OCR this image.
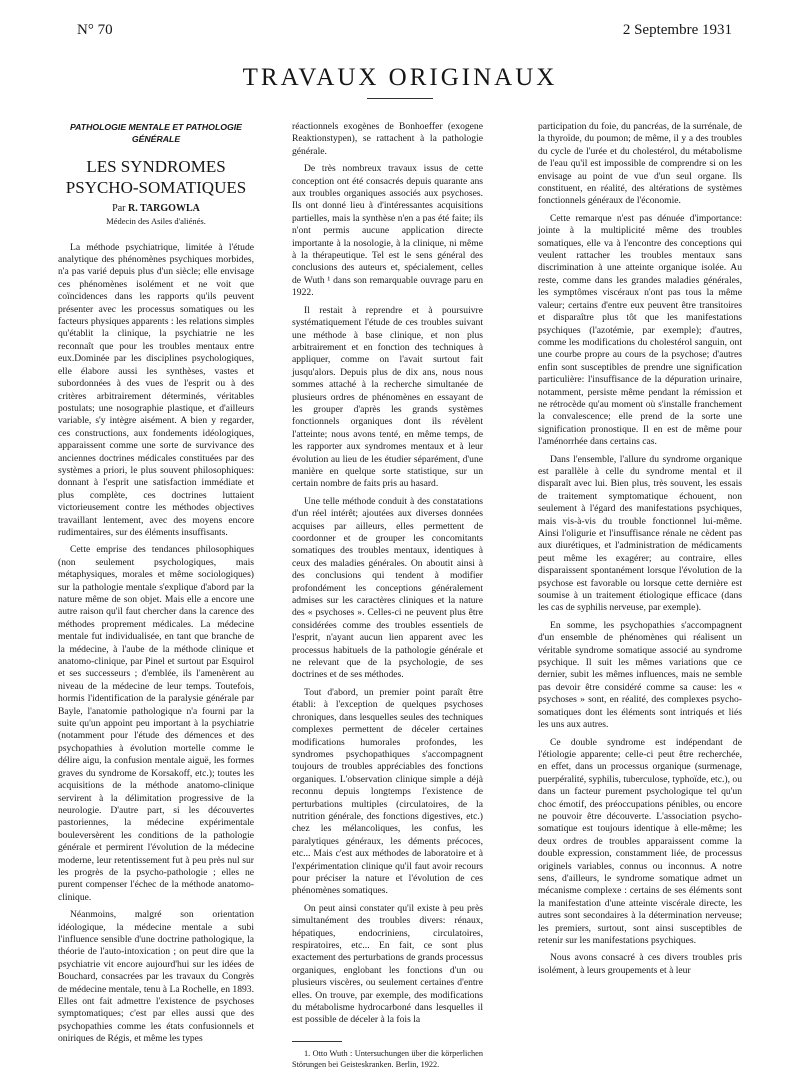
N° 70	2 Septembre 1931
TRAVAUX ORIGINAUX
PATHOLOGIE MENTALE ET PATHOLOGIE GÉNÉRALE
LES SYNDROMES
PSYCHO-SOMATIQUES
Par R. TARGOWLA
Médecin des Asiles d'aliénés.

La méthode psychiatrique, limitée à l'étude analytique des phénomènes psychiques morbides, n'a pas varié depuis plus d'un siècle; elle envisage ces phénomènes isolément et ne voit que coïncidences dans les rapports qu'ils peuvent présenter avec les processus somatiques ou les facteurs physiques apparents : les relations simples qu'établit la clinique, la psychiatrie ne les reconnaît que pour les troubles mentaux entre eux.Dominée par les disciplines psychologiques, elle élabore aussi les synthèses, vastes et subordonnées à des vues de l'esprit ou à des critères arbitrairement déterminés, véritables postulats; une nosographie plastique, et d'ailleurs variable, s'y intègre aisément. A bien y regarder, ces constructions, aux fondements idéologiques, apparaissent comme une sorte de survivance des anciennes doctrines médicales constituées par des systèmes a priori, le plus souvent philosophiques: donnant à l'esprit une satisfaction immédiate et plus complète, ces doctrines luttaient victorieusement contre les méthodes objectives travaillant lentement, avec des moyens encore rudimentaires, sur des éléments insuffisants.

Cette emprise des tendances philosophiques (non seulement psychologiques, mais métaphysiques, morales et même sociologiques) sur la pathologie mentale s'explique d'abord par la nature même de son objet. Mais elle a encore une autre raison qu'il faut chercher dans la carence des méthodes proprement médicales. La médecine mentale fut individualisée, en tant que branche de la médecine, à l'aube de la méthode clinique et anatomo-clinique, par Pinel et surtout par Esquirol et ses successeurs ; d'emblée, ils l'amenèrent au niveau de la médecine de leur temps. Toutefois, hormis l'identification de la paralysie générale par Bayle, l'anatomie pathologique n'a fourni par la suite qu'un appoint peu important à la psychiatrie (notamment pour l'étude des démences et des psychopathies à évolution mortelle comme le délire aigu, la confusion mentale aiguë, les formes graves du syndrome de Korsakoff, etc.); toutes les acquisitions de la méthode anatomo-clinique servirent à la délimitation progressive de la neurologie. D'autre part, si les découvertes pastoriennes, la médecine expérimentale bouleversèrent les conditions de la pathologie générale et permirent l'évolution de la médecine moderne, leur retentissement fut à peu près nul sur les progrès de la psycho-pathologie ; elles ne purent compenser l'échec de la méthode anatomo-clinique.

Néanmoins, malgré son orientation idéologique, la médecine mentale a subi l'influence sensible d'une doctrine pathologique, la théorie de l'auto-intoxication ; on peut dire que la psychiatrie vit encore aujourd'hui sur les idées de Bouchard, consacrées par les travaux du Congrès de médecine mentale, tenu à La Rochelle, en 1893. Elles ont fait admettre l'existence de psychoses symptomatiques; c'est par elles aussi que des psychopathies comme les états confusionnels et oniriques de Régis, et même les types

réactionnels exogènes de Bonhoeffer (exogene Reaktionstypen), se rattachent à la pathologie générale.

De très nombreux travaux issus de cette conception ont été consacrés depuis quarante ans aux troubles organiques associés aux psychoses. Ils ont donné lieu à d'intéressantes acquisitions partielles, mais la synthèse n'en a pas été faite; ils n'ont permis aucune application directe importante à la nosologie, à la clinique, ni même à la thérapeutique. Tel est le sens général des conclusions des auteurs et, spécialement, celles de Wuth ¹ dans son remarquable ouvrage paru en 1922.

Il restait à reprendre et à poursuivre systématiquement l'étude de ces troubles suivant une méthode à base clinique, et non plus arbitrairement et en fonction des techniques à appliquer, comme on l'avait surtout fait jusqu'alors. Depuis plus de dix ans, nous nous sommes attaché à la recherche simultanée de plusieurs ordres de phénomènes en essayant de les grouper d'après les grands systèmes fonctionnels organiques dont ils révèlent l'atteinte; nous avons tenté, en même temps, de les rapporter aux syndromes mentaux et à leur évolution au lieu de les étudier séparément, d'une manière en quelque sorte statistique, sur un certain nombre de faits pris au hasard.

Une telle méthode conduit à des constatations d'un réel intérêt; ajoutées aux diverses données acquises par ailleurs, elles permettent de coordonner et de grouper les concomitants somatiques des troubles mentaux, identiques à ceux des maladies générales. On aboutit ainsi à des conclusions qui tendent à modifier profondément les conceptions généralement admises sur les caractères cliniques et la nature des « psychoses ». Celles-ci ne peuvent plus être considérées comme des troubles essentiels de l'esprit, n'ayant aucun lien apparent avec les processus habituels de la pathologie générale et ne relevant que de la psychologie, de ses doctrines et de ses méthodes.

Tout d'abord, un premier point paraît être établi: à l'exception de quelques psychoses chroniques, dans lesquelles seules des techniques complexes permettent de déceler certaines modifications humorales profondes, les syndromes psychopathiques s'accompagnent toujours de troubles appréciables des fonctions organiques. L'observation clinique simple a déjà reconnu depuis longtemps l'existence de perturbations multiples (circulatoires, de la nutrition générale, des fonctions digestives, etc.) chez les mélancoliques, les confus, les paralytiques généraux, les déments précoces, etc... Mais c'est aux méthodes de laboratoire et à l'expérimentation clinique qu'il faut avoir recours pour préciser la nature et l'évolution de ces phénomènes somatiques.

On peut ainsi constater qu'il existe à peu près simultanément des troubles divers: rénaux, hépatiques, endocriniens, circulatoires, respiratoires, etc... En fait, ce sont plus exactement des perturbations de grands processus organiques, englobant les fonctions d'un ou plusieurs viscères, ou seulement certaines d'entre elles. On trouve, par exemple, des modifications du métabolisme hydrocarboné dans lesquelles il est possible de déceler à la fois la

1. Otto Wuth : Untersuchungen über die körperlichen Störungen bei Geisteskranken. Berlin, 1922.

participation du foie, du pancréas, de la surrénale, de la thyroïde, du poumon; de même, il y a des troubles du cycle de l'urée et du cholestérol, du métabolisme de l'eau qu'il est impossible de comprendre si on les envisage au point de vue d'un seul organe. Ils constituent, en réalité, des altérations de systèmes fonctionnels généraux de l'économie.

Cette remarque n'est pas dénuée d'importance: jointe à la multiplicité même des troubles somatiques, elle va à l'encontre des conceptions qui veulent rattacher les troubles mentaux sans discrimination à une atteinte organique isolée. Au reste, comme dans les grandes maladies générales, les symptômes viscéraux n'ont pas tous la même valeur; certains d'entre eux peuvent être transitoires et disparaître plus tôt que les manifestations psychiques (l'azotémie, par exemple); d'autres, comme les modifications du cholestérol sanguin, ont une courbe propre au cours de la psychose; d'autres enfin sont susceptibles de prendre une signification particulière: l'insuffisance de la dépuration urinaire, notamment, persiste même pendant la rémission et ne rétrocède qu'au moment où s'installe franchement la convalescence; elle prend de la sorte une signification pronostique. Il en est de même pour l'aménorrhée dans certains cas.

Dans l'ensemble, l'allure du syndrome organique est parallèle à celle du syndrome mental et il disparaît avec lui. Bien plus, très souvent, les essais de traitement symptomatique échouent, non seulement à l'égard des manifestations psychiques, mais vis-à-vis du trouble fonctionnel lui-même. Ainsi l'oligurie et l'insuffisance rénale ne cèdent pas aux diurétiques, et l'administration de médicaments peut même les exagérer; au contraire, elles disparaissent spontanément lorsque l'évolution de la psychose est favorable ou lorsque cette dernière est soumise à un traitement étiologique efficace (dans les cas de syphilis nerveuse, par exemple).

En somme, les psychopathies s'accompagnent d'un ensemble de phénomènes qui réalisent un véritable syndrome somatique associé au syndrome psychique. Il suit les mêmes variations que ce dernier, subit les mêmes influences, mais ne semble pas devoir être considéré comme sa cause: les « psychoses » sont, en réalité, des complexes psycho-somatiques dont les éléments sont intriqués et liés les uns aux autres.

Ce double syndrome est indépendant de l'étiologie apparente; celle-ci peut être recherchée, en effet, dans un processus organique (surmenage, puerpéralité, syphilis, tuberculose, typhoïde, etc.), ou dans un facteur purement psychologique tel qu'un choc émotif, des préoccupations pénibles, ou encore ne pouvoir être découverte. L'association psycho-somatique est toujours identique à elle-même; les deux ordres de troubles apparaissent comme la double expression, constamment liée, de processus originels variables, connus ou inconnus. A notre sens, d'ailleurs, le syndrome somatique admet un mécanisme complexe : certains de ses éléments sont la manifestation d'une atteinte viscérale directe, les autres sont secondaires à la détermination nerveuse; les premiers, surtout, sont ainsi susceptibles de retenir sur les manifestations psychiques.

Nous avons consacré à ces divers troubles pris isolément, à leurs groupements et à leur
